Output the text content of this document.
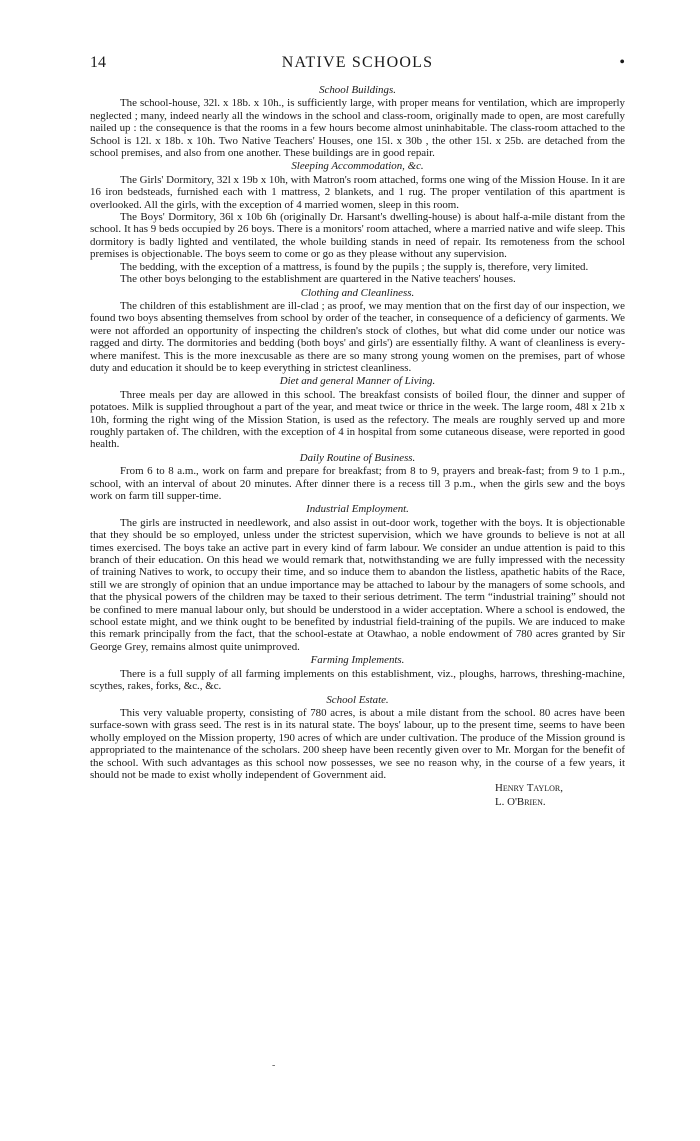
14	NATIVE SCHOOLS	•
School Buildings.

The school-house, 32l. x 18b. x 10h., is sufficiently large, with proper means for ventilation, which are improperly neglected ; many, indeed nearly all the windows in the school and class-room, originally made to open, are most carefully nailed up : the consequence is that the rooms in a few hours become almost uninhabitable. The class-room attached to the School is 12l. x 18b. x 10h. Two Native Teachers' Houses, one 15l. x 30b , the other 15l. x 25b. are detached from the school premises, and also from one another. These buildings are in good repair.

Sleeping Accommodation, &c.

The Girls' Dormitory, 32l x 19b x 10h, with Matron's room attached, forms one wing of the Mission House. In it are 16 iron bedsteads, furnished each with 1 mattress, 2 blankets, and 1 rug. The proper ventilation of this apartment is overlooked. All the girls, with the exception of 4 married women, sleep in this room.

The Boys' Dormitory, 36l x 10b 6h (originally Dr. Harsant's dwelling-house) is about half-a-mile distant from the school. It has 9 beds occupied by 26 boys. There is a monitors' room attached, where a married native and wife sleep. This dormitory is badly lighted and ventilated, the whole building stands in need of repair. Its remoteness from the school premises is objectionable. The boys seem to come or go as they please without any supervision.

The bedding, with the exception of a mattress, is found by the pupils ; the supply is, therefore, very limited.

The other boys belonging to the establishment are quartered in the Native teachers' houses.

Clothing and Cleanliness.

The children of this establishment are ill-clad ; as proof, we may mention that on the first day of our inspection, we found two boys absenting themselves from school by order of the teacher, in consequence of a deficiency of garments. We were not afforded an opportunity of inspecting the children's stock of clothes, but what did come under our notice was ragged and dirty. The dormitories and bedding (both boys' and girls') are essentially filthy. A want of cleanliness is every-where manifest. This is the more inexcusable as there are so many strong young women on the premises, part of whose duty and education it should be to keep everything in strictest cleanliness.

Diet and general Manner of Living.

Three meals per day are allowed in this school. The breakfast consists of boiled flour, the dinner and supper of potatoes. Milk is supplied throughout a part of the year, and meat twice or thrice in the week. The large room, 48l x 21b x 10h, forming the right wing of the Mission Station, is used as the refectory. The meals are roughly served up and more roughly partaken of. The children, with the exception of 4 in hospital from some cutaneous disease, were reported in good health.

Daily Routine of Business.

From 6 to 8 a.m., work on farm and prepare for breakfast; from 8 to 9, prayers and break-fast; from 9 to 1 p.m., school, with an interval of about 20 minutes. After dinner there is a recess till 3 p.m., when the girls sew and the boys work on farm till supper-time.

Industrial Employment.

The girls are instructed in needlework, and also assist in out-door work, together with the boys. It is objectionable that they should be so employed, unless under the strictest supervision, which we have grounds to believe is not at all times exercised. The boys take an active part in every kind of farm labour. We consider an undue attention is paid to this branch of their education. On this head we would remark that, notwithstanding we are fully impressed with the necessity of training Natives to work, to occupy their time, and so induce them to abandon the listless, apathetic habits of the Race, still we are strongly of opinion that an undue importance may be attached to labour by the managers of some schools, and that the physical powers of the children may be taxed to their serious detriment. The term “industrial training” should not be confined to mere manual labour only, but should be understood in a wider acceptation. Where a school is endowed, the school estate might, and we think ought to be benefited by industrial field-training of the pupils. We are induced to make this remark principally from the fact, that the school-estate at Otawhao, a noble endowment of 780 acres granted by Sir George Grey, remains almost quite unimproved.

Farming Implements.

There is a full supply of all farming implements on this establishment, viz., ploughs, harrows, threshing-machine, scythes, rakes, forks, &c., &c.

School Estate.

This very valuable property, consisting of 780 acres, is about a mile distant from the school. 80 acres have been surface-sown with grass seed. The rest is in its natural state. The boys' labour, up to the present time, seems to have been wholly employed on the Mission property, 190 acres of which are under cultivation. The produce of the Mission ground is appropriated to the maintenance of the scholars. 200 sheep have been recently given over to Mr. Morgan for the benefit of the school. With such advantages as this school now possesses, we see no reason why, in the course of a few years, it should not be made to exist wholly independent of Government aid.

Henry Taylor,
L. O'Brien.
-
